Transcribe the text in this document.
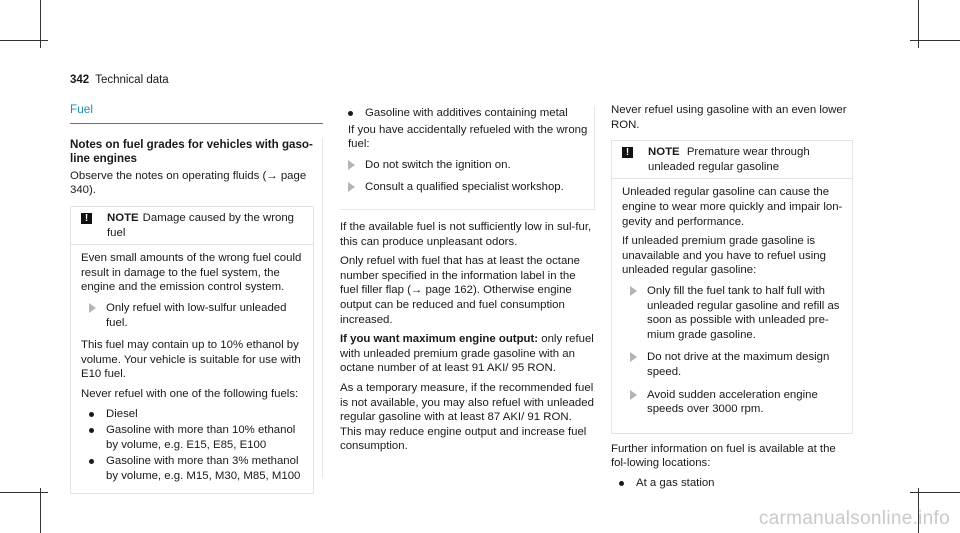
342 Technical data
Fuel
Notes on fuel grades for vehicles with gaso-
line engines

Observe the notes on operating fluids (→ page 340).

!	NOTE Damage caused by the wrong fuel

Even small amounts of the wrong fuel could result in damage to the fuel system, the engine and the emission control system.

Only refuel with low-sulfur unleaded fuel.

This fuel may contain up to 10% ethanol by volume. Your vehicle is suitable for use with E10 fuel.

Never refuel with one of the following fuels:

Diesel
Gasoline with more than 10% ethanol by volume, e.g. E15, E85, E100
Gasoline with more than 3% methanol by volume, e.g. M15, M30, M85, M100
Gasoline with additives containing metal

If you have accidentally refueled with the wrong fuel:

Do not switch the ignition on.
Consult a qualified specialist workshop.

If the available fuel is not sufficiently low in sul-fur, this can produce unpleasant odors.

Only refuel with fuel that has at least the octane number specified in the information label in the fuel filler flap (→ page 162). Otherwise engine output can be reduced and fuel consumption increased.

If you want maximum engine output: only refuel with unleaded premium grade gasoline with an octane number of at least 91 AKI/ 95 RON.

As a temporary measure, if the recommended fuel is not available, you may also refuel with unleaded regular gasoline with at least 87 AKI/ 91 RON. This may reduce engine output and increase fuel consumption.

Never refuel using gasoline with an even lower RON.

!	NOTE Premature wear through unleaded regular gasoline

Unleaded regular gasoline can cause the engine to wear more quickly and impair lon-gevity and performance.

If unleaded premium grade gasoline is unavailable and you have to refuel using unleaded regular gasoline:

Only fill the fuel tank to half full with unleaded regular gasoline and refill as soon as possible with unleaded pre-mium grade gasoline.
Do not drive at the maximum design speed.
Avoid sudden acceleration engine speeds over 3000 rpm.

Further information on fuel is available at the fol-lowing locations:

At a gas station
carmanualsonline.info
